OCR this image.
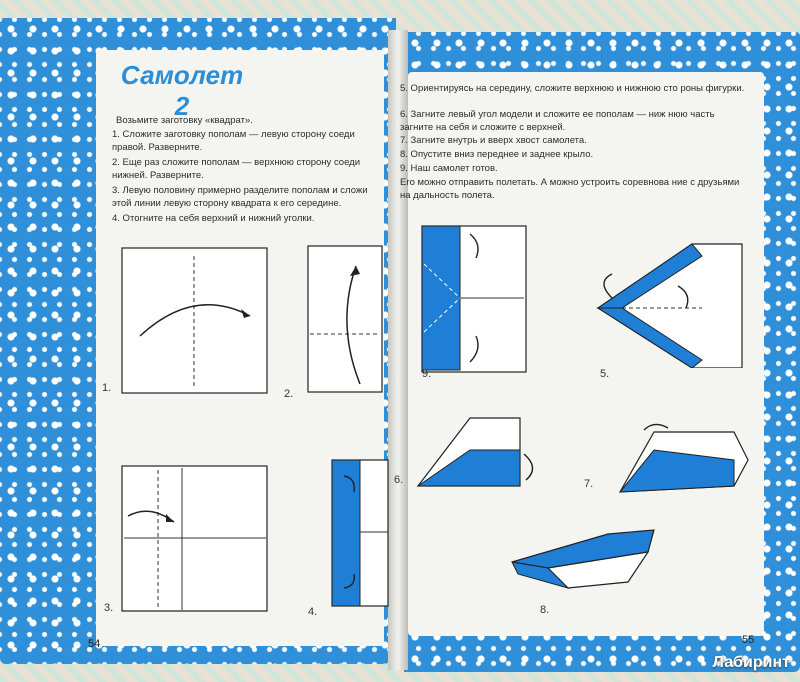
54	55
Самолет 2
Возьмите заготовку «квадрат».
1. Сложите заготовку пополам — левую сторону соеди правой. Разверните.
2. Еще раз сложите пополам — верхнюю сторону соеди нижней. Разверните.
3. Левую половину примерно разделите пополам и сложи этой линии левую сторону квадрата к его середине.
4. Отогните на себя верхний и нижний уголки.
1.	2.
3.	4.
5. Ориентируясь на середину, сложите верхнюю и нижнюю сто роны фигурки.
6. Загните левый угол модели и сложите ее пополам — ниж нюю часть загните на себя и сложите с верхней.
7. Загните внутрь и вверх хвост самолета.
8. Опустите вниз переднее и заднее крыло.
9. Наш самолет готов.
Его можно отправить полетать. А можно устроить соревнова ние с друзьями на дальность полета.
9.	5.
6.	7.
8.
Лабиринт
